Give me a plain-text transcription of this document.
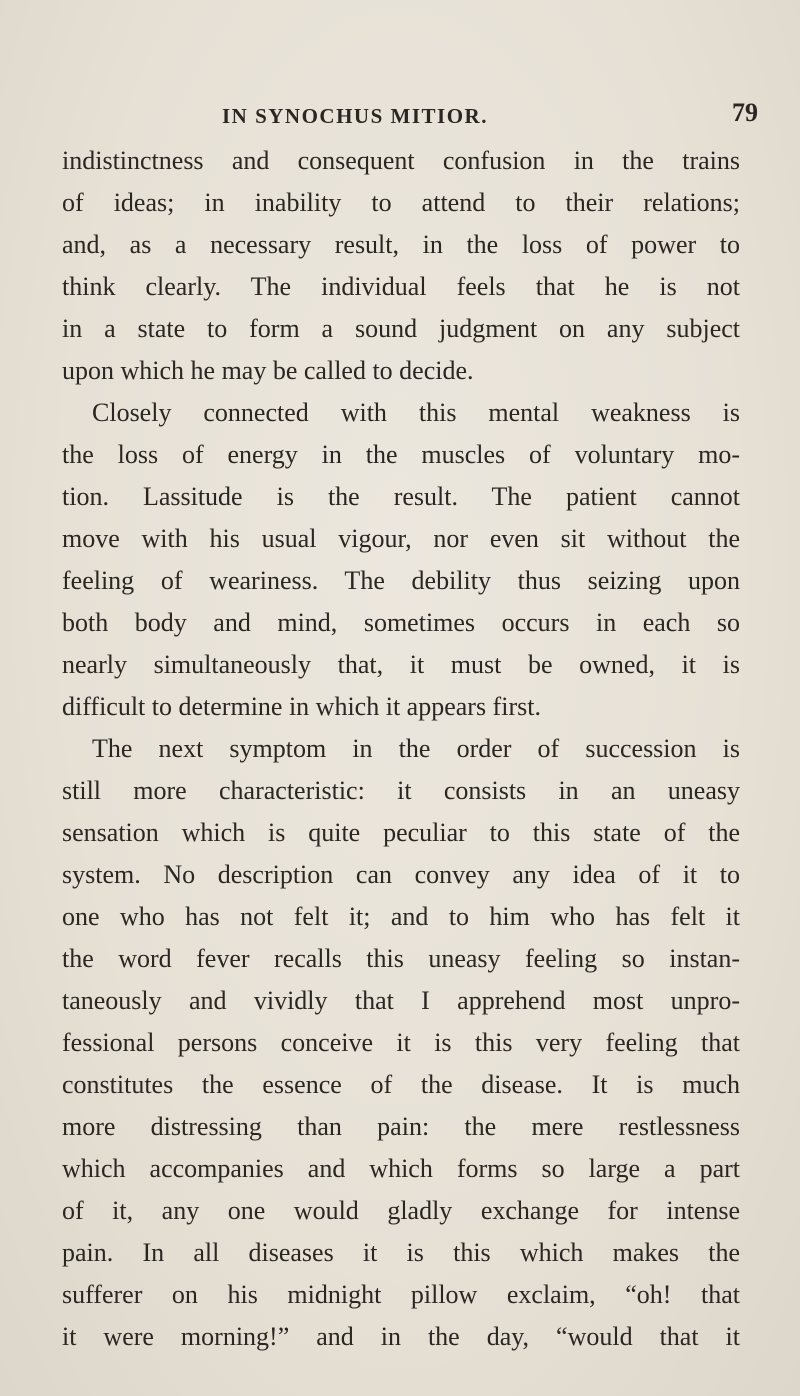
IN SYNOCHUS MITIOR.	79
indistinctness and consequent confusion in the trains
of ideas; in inability to attend to their relations;
and, as a necessary result, in the loss of power to
think clearly. The individual feels that he is not
in a state to form a sound judgment on any subject
upon which he may be called to decide.
Closely connected with this mental weakness is
the loss of energy in the muscles of voluntary mo-
tion. Lassitude is the result. The patient cannot
move with his usual vigour, nor even sit without the
feeling of weariness. The debility thus seizing upon
both body and mind, sometimes occurs in each so
nearly simultaneously that, it must be owned, it is
difficult to determine in which it appears first.
The next symptom in the order of succession is
still more characteristic: it consists in an uneasy
sensation which is quite peculiar to this state of the
system. No description can convey any idea of it to
one who has not felt it; and to him who has felt it
the word fever recalls this uneasy feeling so instan-
taneously and vividly that I apprehend most unpro-
fessional persons conceive it is this very feeling that
constitutes the essence of the disease. It is much
more distressing than pain: the mere restlessness
which accompanies and which forms so large a part
of it, any one would gladly exchange for intense
pain. In all diseases it is this which makes the
sufferer on his midnight pillow exclaim, “oh! that
it were morning!” and in the day, “would that it
